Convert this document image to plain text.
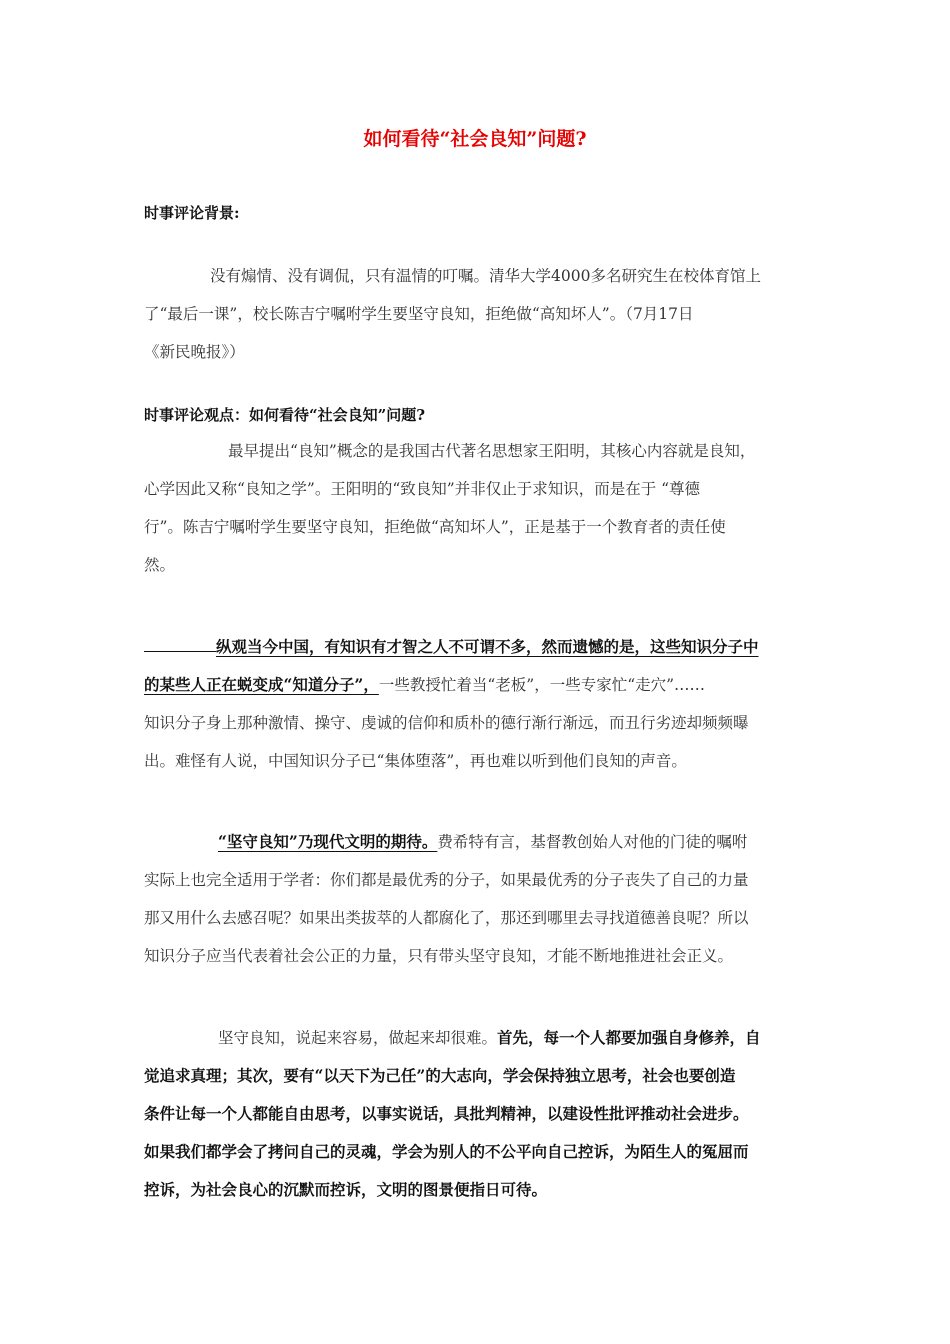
如何看待“社会良知”问题?
时事评论背景:
没有煽情、没有调侃，只有温情的叮嘱。清华大学4000多名研究生在校体育馆上
了“最后一课”，校长陈吉宁嘱咐学生要坚守良知，拒绝做“高知坏人”。（7月17日
《新民晚报》）
时事评论观点：如何看待“社会良知”问题?
最早提出“良知”概念的是我国古代著名思想家王阳明，其核心内容就是良知，
心学因此又称“良知之学”。王阳明的“致良知”并非仅止于求知识，而是在于 “尊德
行”。陈吉宁嘱咐学生要坚守良知，拒绝做“高知坏人”，正是基于一个教育者的责任使
然。
纵观当今中国，有知识有才智之人不可谓不多，然而遗憾的是，这些知识分子中
的某些人正在蜕变成“知道分子”，一些教授忙着当“老板”，一些专家忙“走穴”……
知识分子身上那种激情、操守、虔诚的信仰和质朴的德行渐行渐远，而丑行劣迹却频频曝
出。难怪有人说，中国知识分子已“集体堕落”，再也难以听到他们良知的声音。
“坚守良知”乃现代文明的期待。费希特有言，基督教创始人对他的门徒的嘱咐
实际上也完全适用于学者：你们都是最优秀的分子，如果最优秀的分子丧失了自己的力量
那又用什么去感召呢？如果出类拔萃的人都腐化了，那还到哪里去寻找道德善良呢？所以
知识分子应当代表着社会公正的力量，只有带头坚守良知，才能不断地推进社会正义。
坚守良知，说起来容易，做起来却很难。首先，每一个人都要加强自身修养，自
觉追求真理；其次，要有“以天下为己任”的大志向，学会保持独立思考，社会也要创造
条件让每一个人都能自由思考，以事实说话，具批判精神，以建设性批评推动社会进步。
如果我们都学会了拷问自己的灵魂，学会为别人的不公平向自己控诉，为陌生人的冤屈而
控诉，为社会良心的沉默而控诉，文明的图景便指日可待。
